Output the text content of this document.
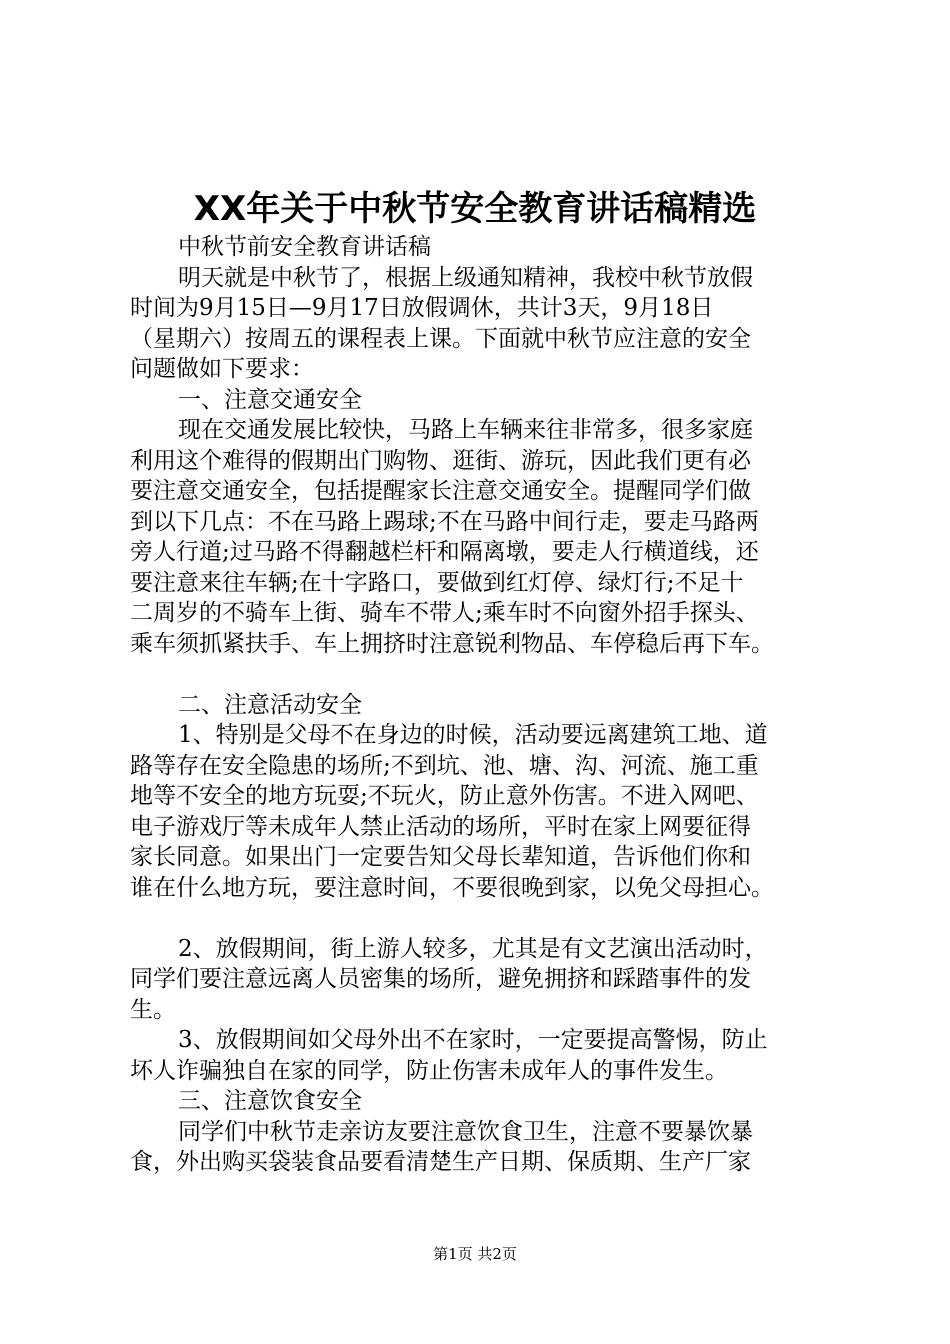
XX年关于中秋节安全教育讲话稿精选
中秋节前安全教育讲话稿
明天就是中秋节了，根据上级通知精神，我校中秋节放假
时间为9月15日—9月17日放假调休，共计3天，9月18日
（星期六）按周五的课程表上课。下面就中秋节应注意的安全
问题做如下要求：
一、注意交通安全
现在交通发展比较快，马路上车辆来往非常多，很多家庭
利用这个难得的假期出门购物、逛街、游玩，因此我们更有必
要注意交通安全，包括提醒家长注意交通安全。提醒同学们做
到以下几点：不在马路上踢球;不在马路中间行走，要走马路两
旁人行道;过马路不得翻越栏杆和隔离墩，要走人行横道线，还
要注意来往车辆;在十字路口，要做到红灯停、绿灯行;不足十
二周岁的不骑车上街、骑车不带人;乘车时不向窗外招手探头、
乘车须抓紧扶手、车上拥挤时注意锐利物品、车停稳后再下车。
二、注意活动安全
1、特别是父母不在身边的时候，活动要远离建筑工地、道
路等存在安全隐患的场所;不到坑、池、塘、沟、河流、施工重
地等不安全的地方玩耍;不玩火，防止意外伤害。不进入网吧、
电子游戏厅等未成年人禁止活动的场所，平时在家上网要征得
家长同意。如果出门一定要告知父母长辈知道，告诉他们你和
谁在什么地方玩，要注意时间，不要很晚到家，以免父母担心。
2、放假期间，街上游人较多，尤其是有文艺演出活动时，
同学们要注意远离人员密集的场所，避免拥挤和踩踏事件的发
生。
3、放假期间如父母外出不在家时，一定要提高警惕，防止
坏人诈骗独自在家的同学，防止伤害未成年人的事件发生。
三、注意饮食安全
同学们中秋节走亲访友要注意饮食卫生，注意不要暴饮暴
食，外出购买袋装食品要看清楚生产日期、保质期、生产厂家
第1页 共2页
